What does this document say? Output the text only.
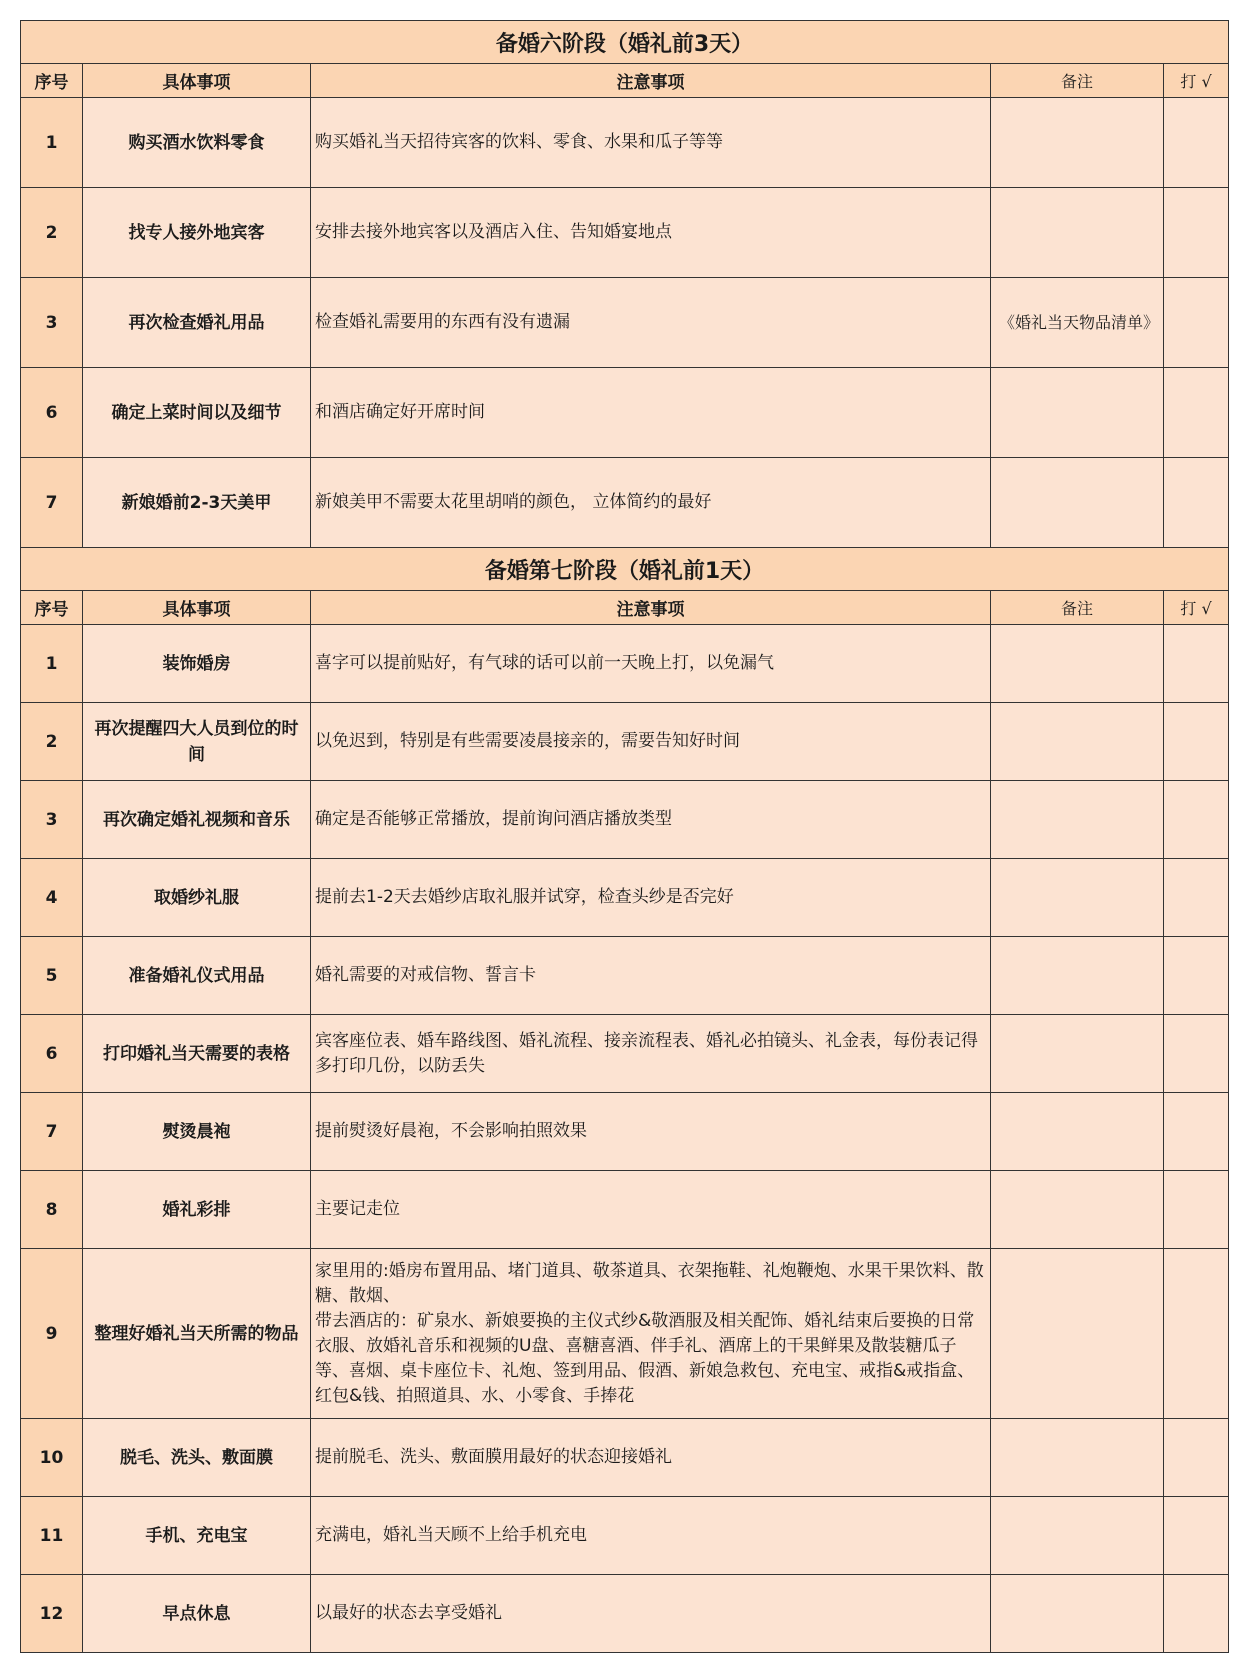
备婚六阶段（婚礼前3天）				
序号	具体事项	注意事项	备注	打 √
1	购买酒水饮料零食	购买婚礼当天招待宾客的饮料、零食、水果和瓜子等等		
2	找专人接外地宾客	安排去接外地宾客以及酒店入住、告知婚宴地点		
3	再次检查婚礼用品	检查婚礼需要用的东西有没有遗漏	《婚礼当天物品清单》	
6	确定上菜时间以及细节	和酒店确定好开席时间		
7	新娘婚前2-3天美甲	新娘美甲不需要太花里胡哨的颜色， 立体简约的最好		
备婚第七阶段（婚礼前1天）				
序号	具体事项	注意事项	备注	打 √
1	装饰婚房	喜字可以提前贴好，有气球的话可以前一天晚上打，以免漏气		
2	再次提醒四大人员到位的时间	以免迟到，特别是有些需要凌晨接亲的，需要告知好时间		
3	再次确定婚礼视频和音乐	确定是否能够正常播放，提前询问酒店播放类型		
4	取婚纱礼服	提前去1-2天去婚纱店取礼服并试穿，检查头纱是否完好		
5	准备婚礼仪式用品	婚礼需要的对戒信物、誓言卡		
6	打印婚礼当天需要的表格	宾客座位表、婚车路线图、婚礼流程、接亲流程表、婚礼必拍镜头、礼金表，每份表记得多打印几份，以防丢失		
7	熨烫晨袍	提前熨烫好晨袍，不会影响拍照效果		
8	婚礼彩排	主要记走位		
9	整理好婚礼当天所需的物品	家里用的:婚房布置用品、堵门道具、敬茶道具、衣架拖鞋、礼炮鞭炮、水果干果饮料、散糖、散烟、
带去酒店的：矿泉水、新娘要换的主仪式纱&敬酒服及相关配饰、婚礼结束后要换的日常衣服、放婚礼音乐和视频的U盘、喜糖喜酒、伴手礼、酒席上的干果鲜果及散装糖瓜子等、喜烟、桌卡座位卡、礼炮、签到用品、假酒、新娘急救包、充电宝、戒指&戒指盒、红包&钱、拍照道具、水、小零食、手捧花		
10	脱毛、洗头、敷面膜	提前脱毛、洗头、敷面膜用最好的状态迎接婚礼		
11	手机、充电宝	充满电，婚礼当天顾不上给手机充电		
12	早点休息	以最好的状态去享受婚礼		
